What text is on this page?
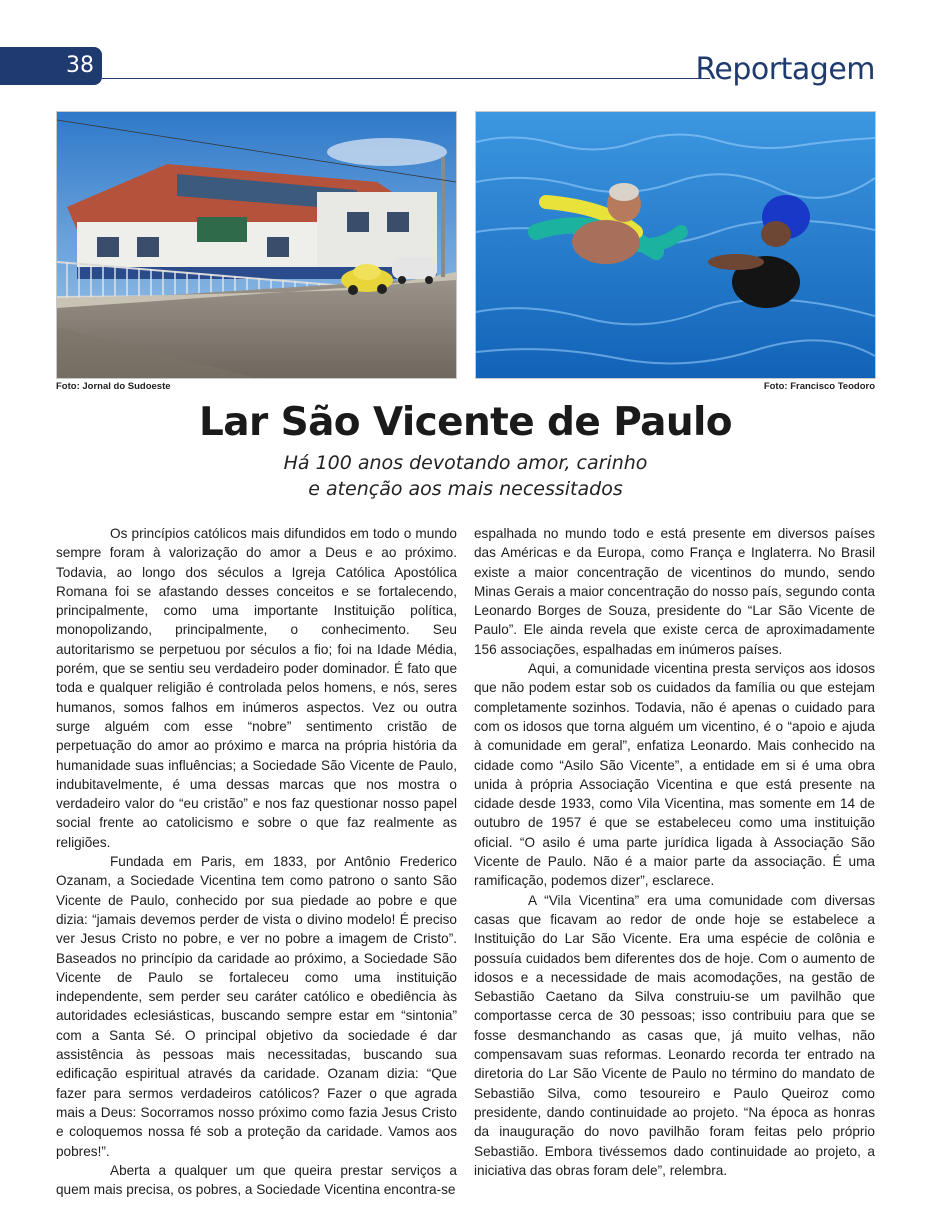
38	Reportagem
Foto: Jornal do Sudoeste	Foto: Francisco Teodoro
Lar São Vicente de Paulo
Há 100 anos devotando amor, carinho
e atenção aos mais necessitados

Os princípios católicos mais difundidos em todo o mundo sempre foram à valorização do amor a Deus e ao próximo. Todavia, ao longo dos séculos a Igreja Católica Apostólica Romana foi se afastando desses conceitos e se fortalecendo, principalmente, como uma importante Instituição política, monopolizando, principalmente, o conhecimento. Seu autoritarismo se perpetuou por séculos a fio; foi na Idade Média, porém, que se sentiu seu verdadeiro poder dominador. É fato que toda e qualquer religião é controlada pelos homens, e nós, seres humanos, somos falhos em inúmeros aspectos. Vez ou outra surge alguém com esse “nobre” sentimento cristão de perpetuação do amor ao próximo e marca na própria história da humanidade suas influências; a Sociedade São Vicente de Paulo, indubitavelmente, é uma dessas marcas que nos mostra o verdadeiro valor do “eu cristão” e nos faz questionar nosso papel social frente ao catolicismo e sobre o que faz realmente as religiões.

Fundada em Paris, em 1833, por Antônio Frederico Ozanam, a Sociedade Vicentina tem como patrono o santo São Vicente de Paulo, conhecido por sua piedade ao pobre e que dizia: “jamais devemos perder de vista o divino modelo! É preciso ver Jesus Cristo no pobre, e ver no pobre a imagem de Cristo”. Baseados no princípio da caridade ao próximo, a Sociedade São Vicente de Paulo se fortaleceu como uma instituição independente, sem perder seu caráter católico e obediência às autoridades eclesiásticas, buscando sempre estar em “sintonia” com a Santa Sé. O principal objetivo da sociedade é dar assistência às pessoas mais necessitadas, buscando sua edificação espiritual através da caridade. Ozanam dizia: “Que fazer para sermos verdadeiros católicos? Fazer o que agrada mais a Deus: Socorramos nosso próximo como fazia Jesus Cristo e coloquemos nossa fé sob a proteção da caridade. Vamos aos pobres!”.

Aberta a qualquer um que queira prestar serviços a quem mais precisa, os pobres, a Sociedade Vicentina encontra-se

espalhada no mundo todo e está presente em diversos países das Américas e da Europa, como França e Inglaterra. No Brasil existe a maior concentração de vicentinos do mundo, sendo Minas Gerais a maior concentração do nosso país, segundo conta Leonardo Borges de Souza, presidente do “Lar São Vicente de Paulo”. Ele ainda revela que existe cerca de aproximadamente 156 associações, espalhadas em inúmeros países.

Aqui, a comunidade vicentina presta serviços aos idosos que não podem estar sob os cuidados da família ou que estejam completamente sozinhos. Todavia, não é apenas o cuidado para com os idosos que torna alguém um vicentino, é o “apoio e ajuda à comunidade em geral”, enfatiza Leonardo. Mais conhecido na cidade como “Asilo São Vicente”, a entidade em si é uma obra unida à própria Associação Vicentina e que está presente na cidade desde 1933, como Vila Vicentina, mas somente em 14 de outubro de 1957 é que se estabeleceu como uma instituição oficial. “O asilo é uma parte jurídica ligada à Associação São Vicente de Paulo. Não é a maior parte da associação. É uma ramificação, podemos dizer”, esclarece.

A “Vila Vicentina” era uma comunidade com diversas casas que ficavam ao redor de onde hoje se estabelece a Instituição do Lar São Vicente. Era uma espécie de colônia e possuía cuidados bem diferentes dos de hoje. Com o aumento de idosos e a necessidade de mais acomodações, na gestão de Sebastião Caetano da Silva construiu-se um pavilhão que comportasse cerca de 30 pessoas; isso contribuiu para que se fosse desmanchando as casas que, já muito velhas, não compensavam suas reformas. Leonardo recorda ter entrado na diretoria do Lar São Vicente de Paulo no término do mandato de Sebastião Silva, como tesoureiro e Paulo Queiroz como presidente, dando continuidade ao projeto. “Na época as honras da inauguração do novo pavilhão foram feitas pelo próprio Sebastião. Embora tivéssemos dado continuidade ao projeto, a iniciativa das obras foram dele”, relembra.
